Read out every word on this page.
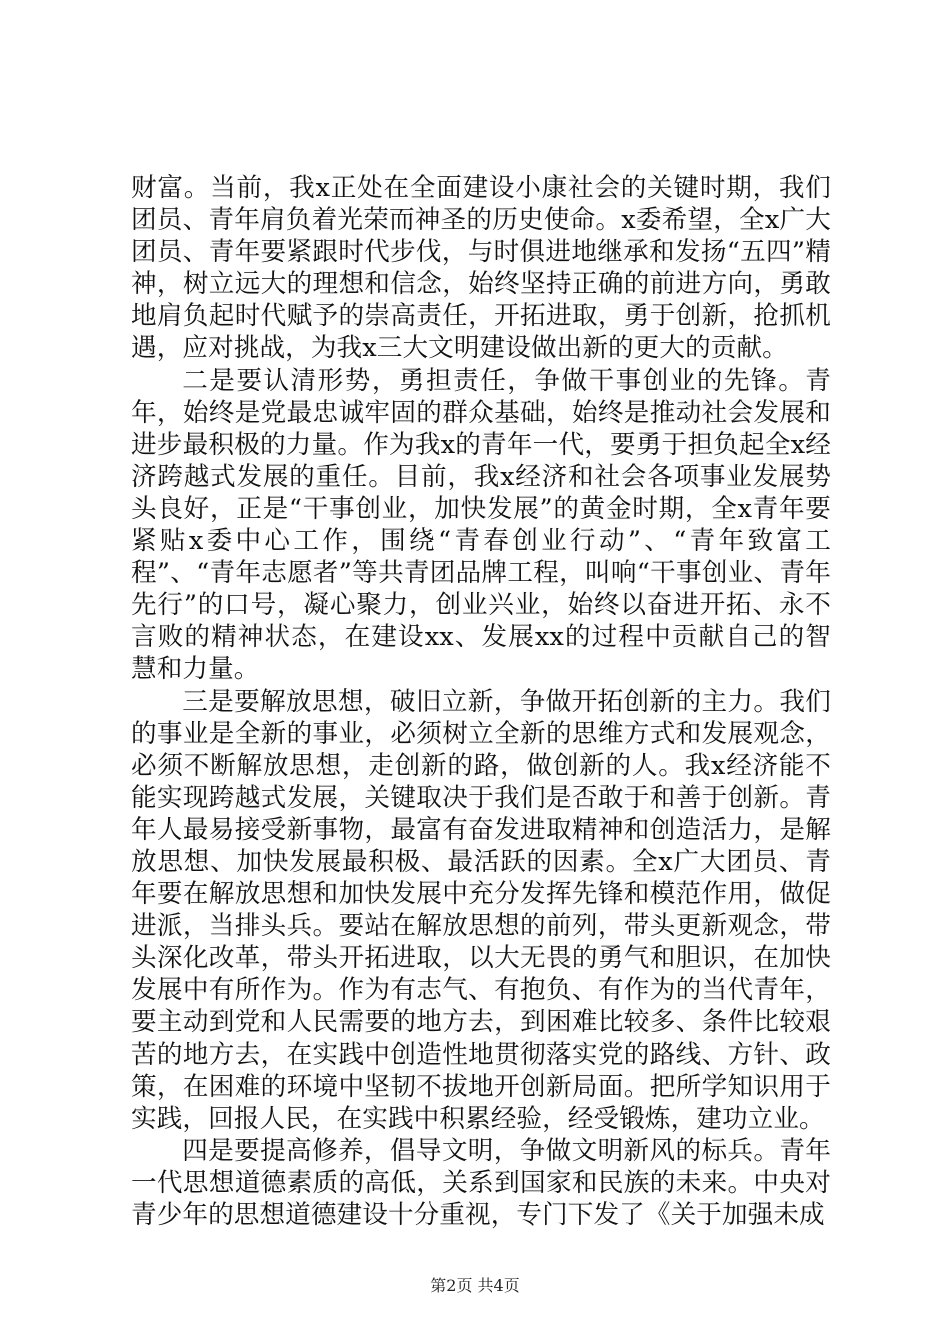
财富。当前，我x正处在全面建设小康社会的关键时期，我们团员、青年肩负着光荣而神圣的历史使命。x委希望，全x广大团员、青年要紧跟时代步伐，与时俱进地继承和发扬“五四”精神，树立远大的理想和信念，始终坚持正确的前进方向，勇敢地肩负起时代赋予的崇高责任，开拓进取，勇于创新，抢抓机遇，应对挑战，为我x三大文明建设做出新的更大的贡献。

二是要认清形势，勇担责任，争做干事创业的先锋。青年，始终是党最忠诚牢固的群众基础，始终是推动社会发展和进步最积极的力量。作为我x的青年一代，要勇于担负起全x经济跨越式发展的重任。目前，我x经济和社会各项事业发展势头良好，正是“干事创业，加快发展”的黄金时期，全x青年要紧贴x委中心工作，围绕“青春创业行动”、“青年致富工程”、“青年志愿者”等共青团品牌工程，叫响“干事创业、青年先行”的口号，凝心聚力，创业兴业，始终以奋进开拓、永不言败的精神状态，在建设xx、发展xx的过程中贡献自己的智慧和力量。

三是要解放思想，破旧立新，争做开拓创新的主力。我们的事业是全新的事业，必须树立全新的思维方式和发展观念，必须不断解放思想，走创新的路，做创新的人。我x经济能不能实现跨越式发展，关键取决于我们是否敢于和善于创新。青年人最易接受新事物，最富有奋发进取精神和创造活力，是解放思想、加快发展最积极、最活跃的因素。全x广大团员、青年要在解放思想和加快发展中充分发挥先锋和模范作用，做促进派，当排头兵。要站在解放思想的前列，带头更新观念，带头深化改革，带头开拓进取，以大无畏的勇气和胆识，在加快发展中有所作为。作为有志气、有抱负、有作为的当代青年，要主动到党和人民需要的地方去，到困难比较多、条件比较艰苦的地方去，在实践中创造性地贯彻落实党的路线、方针、政策，在困难的环境中坚韧不拔地开创新局面。把所学知识用于实践，回报人民，在实践中积累经验，经受锻炼，建功立业。

四是要提高修养，倡导文明，争做文明新风的标兵。青年一代思想道德素质的高低，关系到国家和民族的未来。中央对青少年的思想道德建设十分重视，专门下发了《关于加强未成

第2页 共4页
